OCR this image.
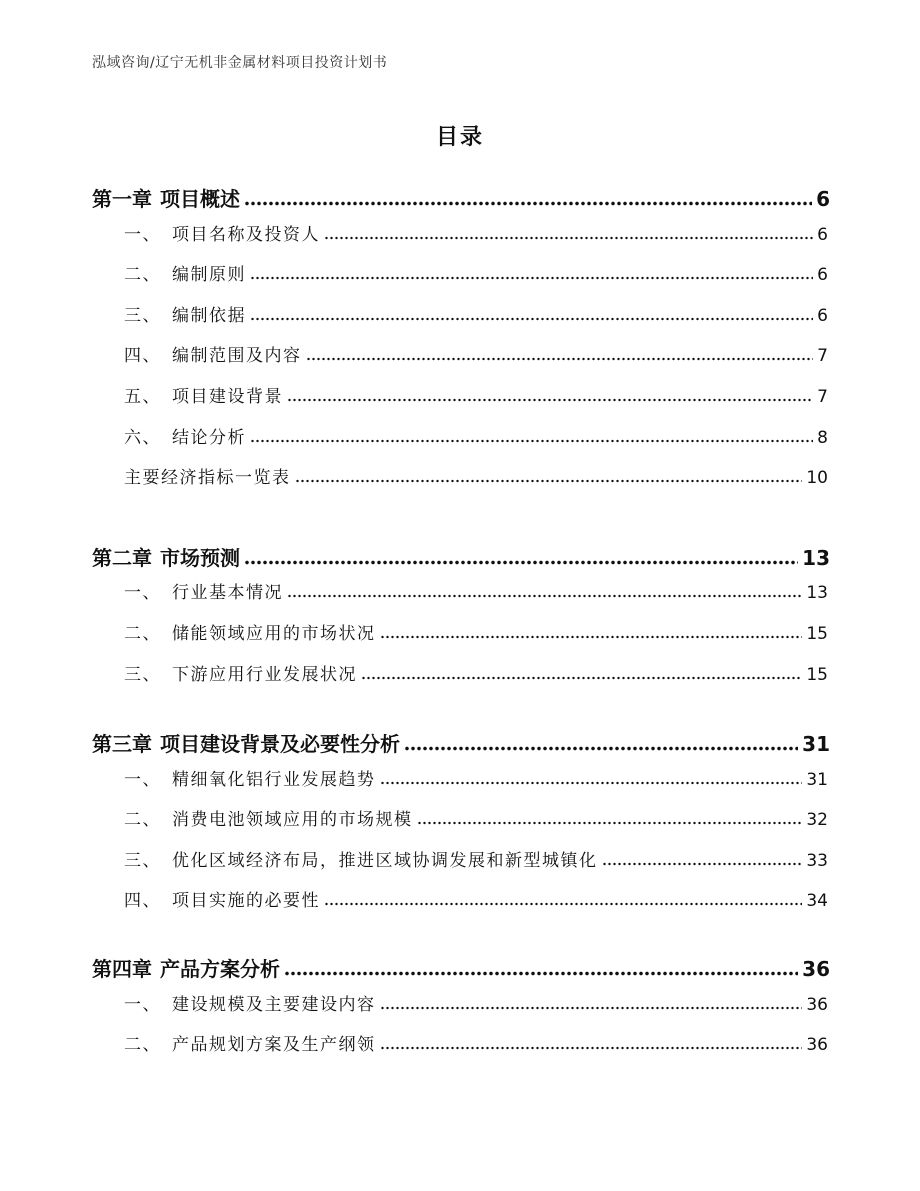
泓域咨询/辽宁无机非金属材料项目投资计划书
目录
第一章 项目概述	6
一、 项目名称及投资人	6
二、 编制原则	6
三、 编制依据	6
四、 编制范围及内容	7
五、 项目建设背景	7
六、 结论分析	8
主要经济指标一览表	10
第二章 市场预测	13
一、 行业基本情况	13
二、 储能领域应用的市场状况	15
三、 下游应用行业发展状况	15
第三章 项目建设背景及必要性分析	31
一、 精细氧化铝行业发展趋势	31
二、 消费电池领域应用的市场规模	32
三、 优化区域经济布局，推进区域协调发展和新型城镇化	33
四、 项目实施的必要性	34
第四章 产品方案分析	36
一、 建设规模及主要建设内容	36
二、 产品规划方案及生产纲领	36
